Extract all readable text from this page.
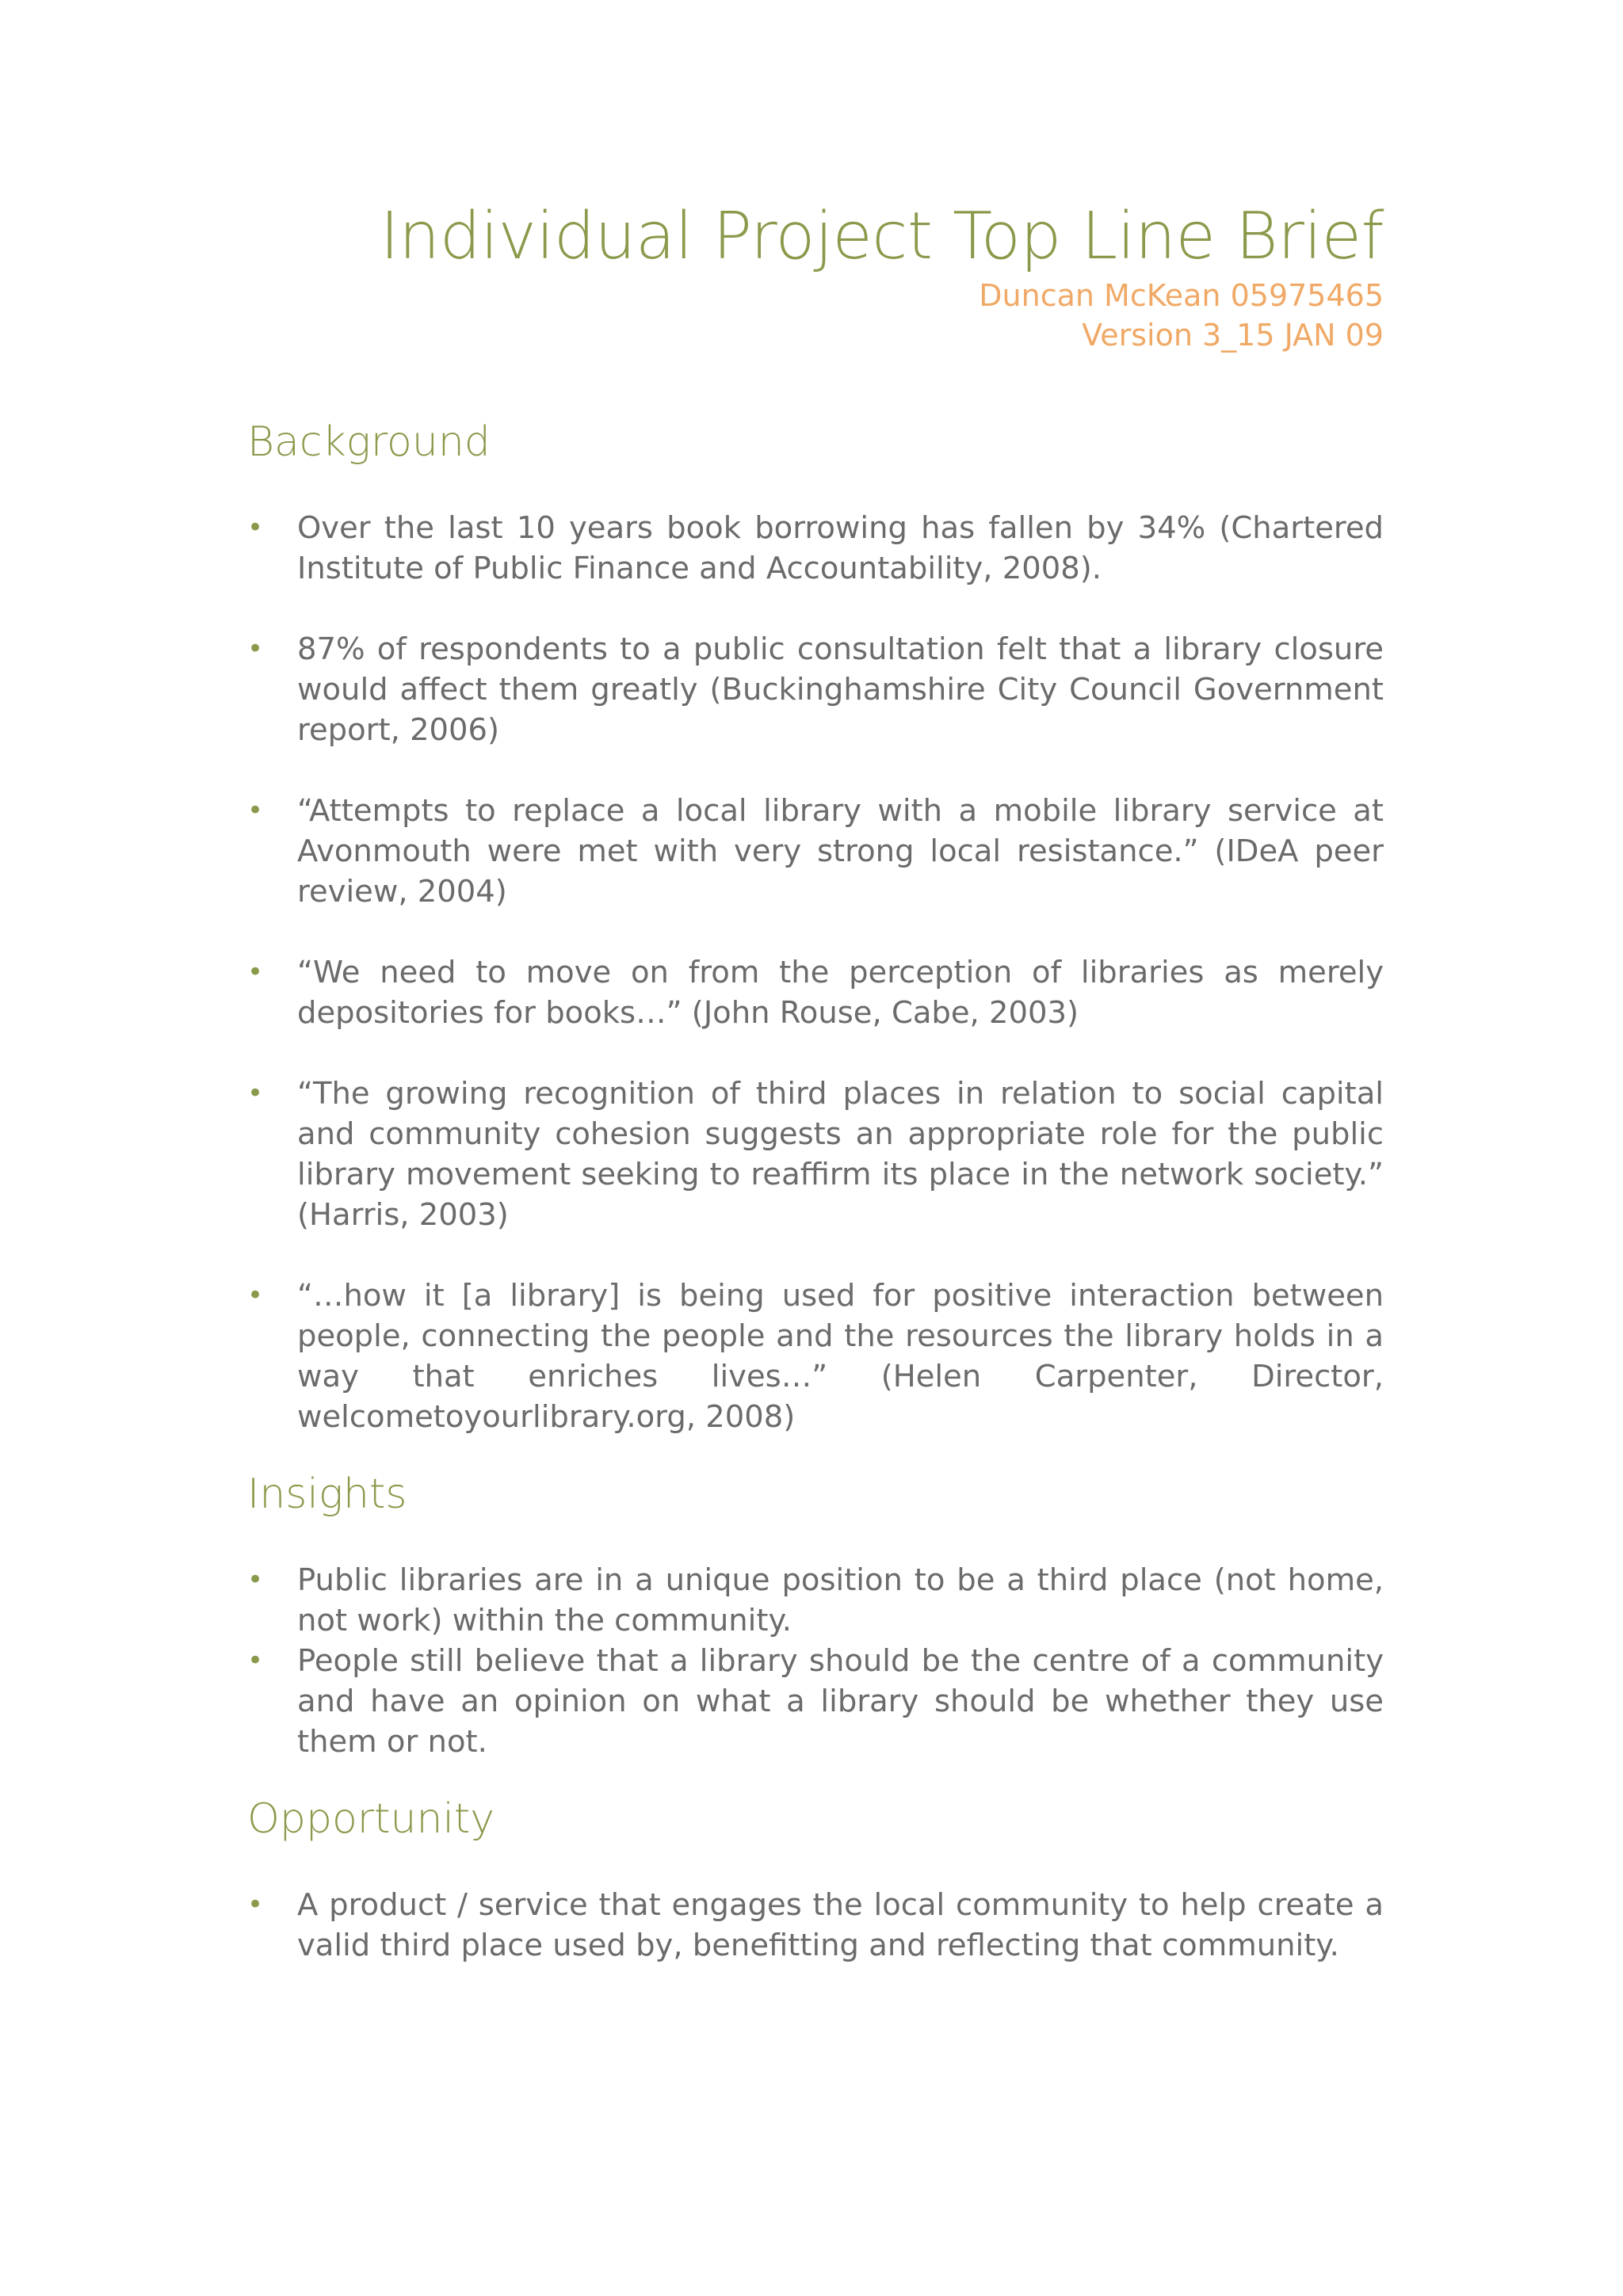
Individual Project Top Line Brief
Duncan McKean 05975465
Version 3_15 JAN 09
Background
• Over the last 10 years book borrowing has fallen by 34% (Chartered Institute of Public Finance and Accountability, 2008).
• 87% of respondents to a public consultation felt that a library closure would affect them greatly (Buckinghamshire City Council Government report, 2006)
• “Attempts to replace a local library with a mobile library service at Avonmouth were met with very strong local resistance.” (IDeA peer review, 2004)
• “We need to move on from the perception of libraries as merely depositories for books…” (John Rouse, Cabe, 2003)
• “The growing recognition of third places in relation to social capital and community cohesion suggests an appropriate role for the public library movement seeking to reaffirm its place in the network society.” (Harris, 2003)
• “…how it [a library] is being used for positive interaction between people, connecting the people and the resources the library holds in a way that enriches lives…” (Helen Carpenter, Director, welcometoyourlibrary.org, 2008)
Insights
• Public libraries are in a unique position to be a third place (not home, not work) within the community.
• People still believe that a library should be the centre of a community and have an opinion on what a library should be whether they use them or not.
Opportunity
• A product / service that engages the local community to help create a valid third place used by, benefitting and reflecting that community.
